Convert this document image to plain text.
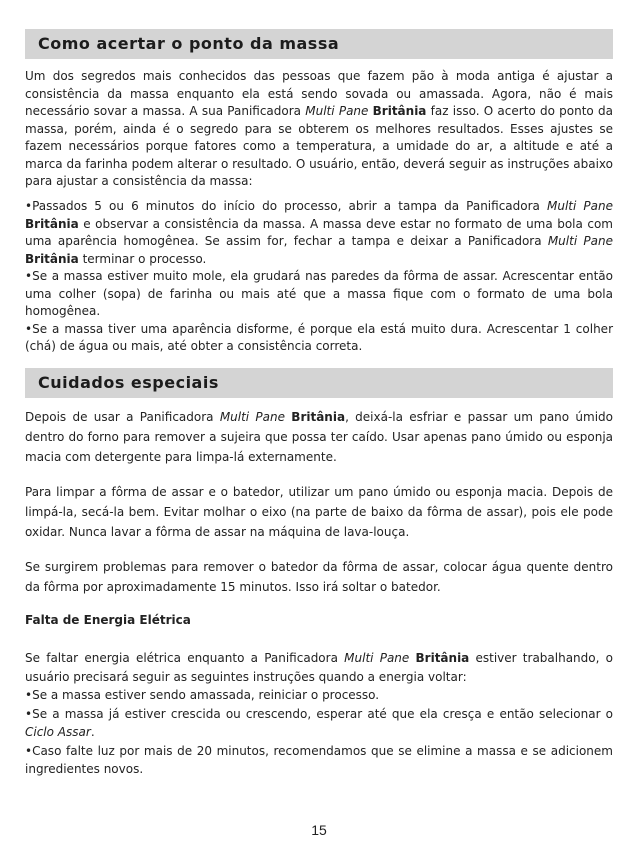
Como acertar o ponto da massa

Um dos segredos mais conhecidos das pessoas que fazem pão à moda antiga é ajustar a consistência da massa enquanto ela está sendo sovada ou amassada. Agora, não é mais necessário sovar a massa. A sua Panificadora Multi Pane Britânia faz isso. O acerto do ponto da massa, porém, ainda é o segredo para se obterem os melhores resultados. Esses ajustes se fazem necessários porque fatores como a temperatura, a umidade do ar, a altitude e até a marca da farinha podem alterar o resultado. O usuário, então, deverá seguir as instruções abaixo para ajustar a consistência da massa:

•Passados 5 ou 6 minutos do início do processo, abrir a tampa da Panificadora Multi Pane Britânia e observar a consistência da massa. A massa deve estar no formato de uma bola com uma aparência homogênea. Se assim for, fechar a tampa e deixar a Panificadora Multi Pane Britânia terminar o processo.

•Se a massa estiver muito mole, ela grudará nas paredes da fôrma de assar. Acrescentar então uma colher (sopa) de farinha ou mais até que a massa fique com o formato de uma bola homogênea.

•Se a massa tiver uma aparência disforme, é porque ela está muito dura. Acrescentar 1 colher (chá) de água ou mais, até obter a consistência correta.

Cuidados especiais

Depois de usar a Panificadora Multi Pane Britânia, deixá-la esfriar e passar um pano úmido dentro do forno para remover a sujeira que possa ter caído. Usar apenas pano úmido ou esponja macia com detergente para limpa-lá externamente.

Para limpar a fôrma de assar e o batedor, utilizar um pano úmido ou esponja macia. Depois de limpá-la, secá-la bem. Evitar molhar o eixo (na parte de baixo da fôrma de assar), pois ele pode oxidar. Nunca lavar a fôrma de assar na máquina de lava-louça.

Se surgirem problemas para remover o batedor da fôrma de assar, colocar água quente dentro da fôrma por aproximadamente 15 minutos. Isso irá soltar o batedor.

Falta de Energia Elétrica

Se faltar energia elétrica enquanto a Panificadora Multi Pane Britânia estiver trabalhando, o usuário precisará seguir as seguintes instruções quando a energia voltar:

•Se a massa estiver sendo amassada, reiniciar o processo.

•Se a massa já estiver crescida ou crescendo, esperar até que ela cresça e então selecionar o Ciclo Assar.

•Caso falte luz por mais de 20 minutos, recomendamos que se elimine a massa e se adicionem ingredientes novos.

15
